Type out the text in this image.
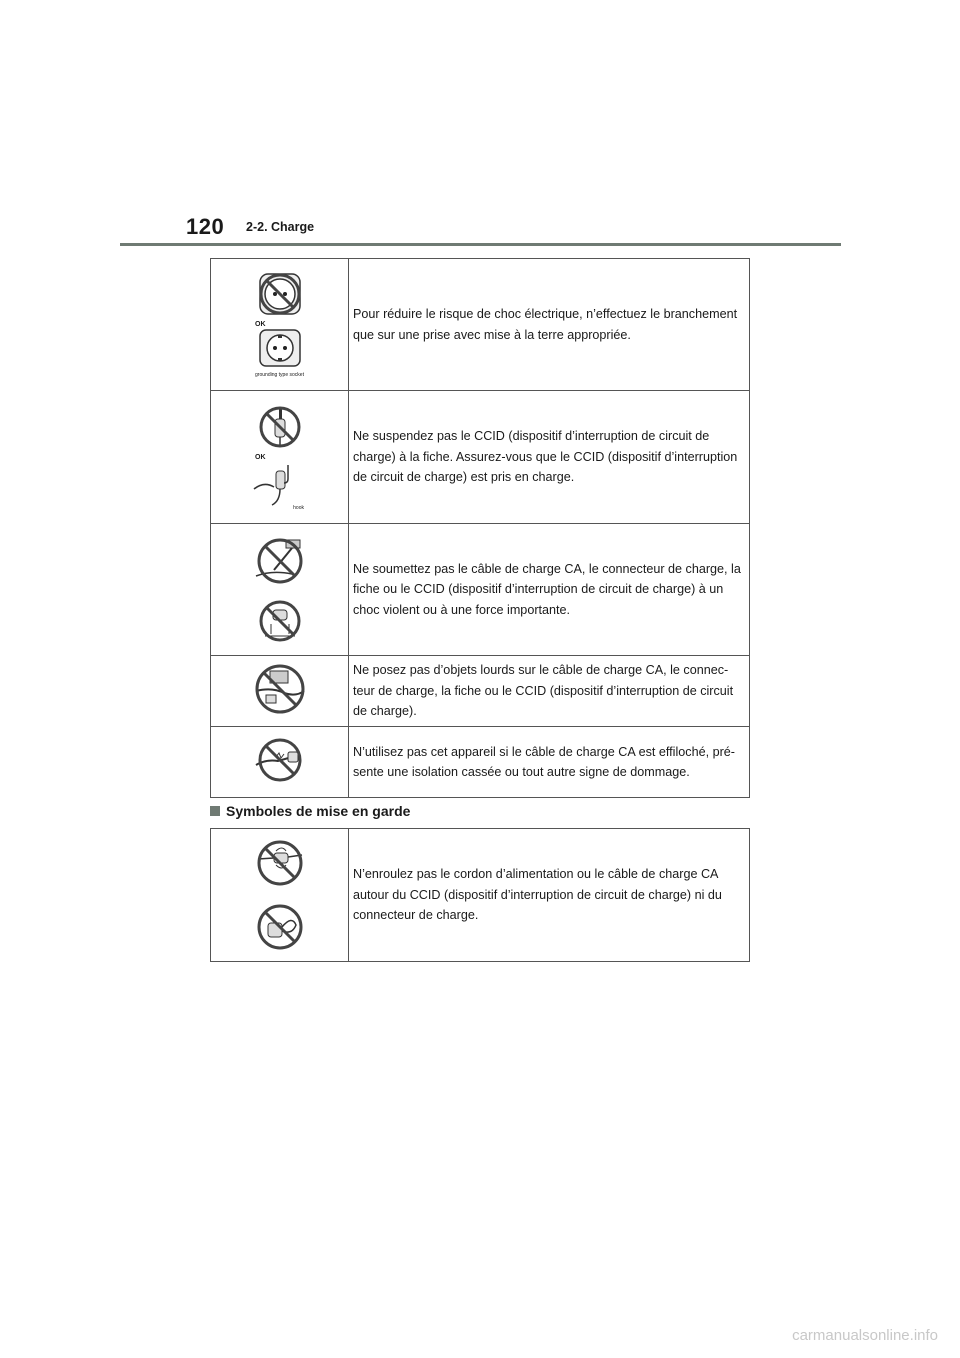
120 2-2. Charge
OK
grounding type socket	Pour réduire le risque de choc électrique, n’effectuez le branchement que sur une prise avec mise à la terre appropriée.

OK
hook	Ne suspendez pas le CCID (dispositif d’interruption de circuit de charge) à la fiche. Assurez-vous que le CCID (dispositif d’interruption de circuit de charge) est pris en charge.

	Ne soumettez pas le câble de charge CA, le connecteur de charge, la fiche ou le CCID (dispositif d’interruption de circuit de charge) à un choc violent ou à une force importante.
	Ne posez pas d’objets lourds sur le câble de charge CA, le connec-teur de charge, la fiche ou le CCID (dispositif d’interruption de circuit de charge).
	N’utilisez pas cet appareil si le câble de charge CA est effiloché, pré-sente une isolation cassée ou tout autre signe de dommage.
Symboles de mise en garde
	N’enroulez pas le cordon d’alimentation ou le câble de charge CA autour du CCID (dispositif d’interruption de circuit de charge) ni du connecteur de charge.
carmanualsonline.info
